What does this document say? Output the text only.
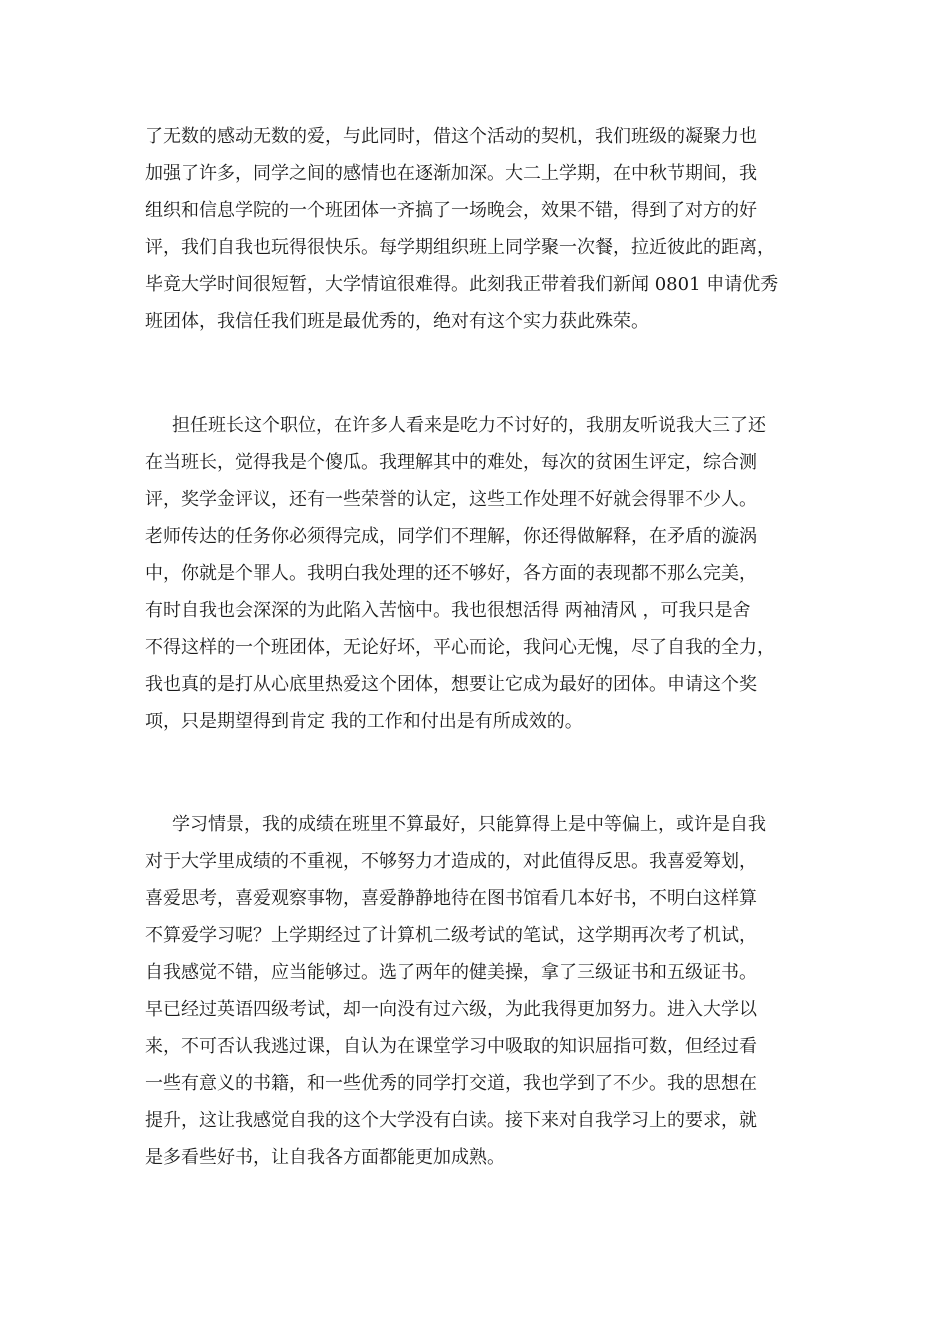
了无数的感动无数的爱，与此同时，借这个活动的契机，我们班级的凝聚力也
加强了许多，同学之间的感情也在逐渐加深。大二上学期，在中秋节期间，我
组织和信息学院的一个班团体一齐搞了一场晚会，效果不错，得到了对方的好
评，我们自我也玩得很快乐。每学期组织班上同学聚一次餐，拉近彼此的距离，
毕竟大学时间很短暂，大学情谊很难得。此刻我正带着我们新闻 0801 申请优秀
班团体，我信任我们班是最优秀的，绝对有这个实力获此殊荣。
担任班长这个职位，在许多人看来是吃力不讨好的，我朋友听说我大三了还
在当班长，觉得我是个傻瓜。我理解其中的难处，每次的贫困生评定，综合测
评，奖学金评议，还有一些荣誉的认定，这些工作处理不好就会得罪不少人。
老师传达的任务你必须得完成，同学们不理解，你还得做解释，在矛盾的漩涡
中，你就是个罪人。我明白我处理的还不够好，各方面的表现都不那么完美，
有时自我也会深深的为此陷入苦恼中。我也很想活得 两袖清风 ，可我只是舍
不得这样的一个班团体，无论好坏，平心而论，我问心无愧，尽了自我的全力，
我也真的是打从心底里热爱这个团体，想要让它成为最好的团体。申请这个奖
项，只是期望得到肯定 我的工作和付出是有所成效的。
学习情景，我的成绩在班里不算最好，只能算得上是中等偏上，或许是自我
对于大学里成绩的不重视，不够努力才造成的，对此值得反思。我喜爱筹划，
喜爱思考，喜爱观察事物，喜爱静静地待在图书馆看几本好书，不明白这样算
不算爱学习呢？上学期经过了计算机二级考试的笔试，这学期再次考了机试，
自我感觉不错，应当能够过。选了两年的健美操，拿了三级证书和五级证书。
早已经过英语四级考试，却一向没有过六级，为此我得更加努力。进入大学以
来，不可否认我逃过课，自认为在课堂学习中吸取的知识屈指可数，但经过看
一些有意义的书籍，和一些优秀的同学打交道，我也学到了不少。我的思想在
提升，这让我感觉自我的这个大学没有白读。接下来对自我学习上的要求，就
是多看些好书，让自我各方面都能更加成熟。
